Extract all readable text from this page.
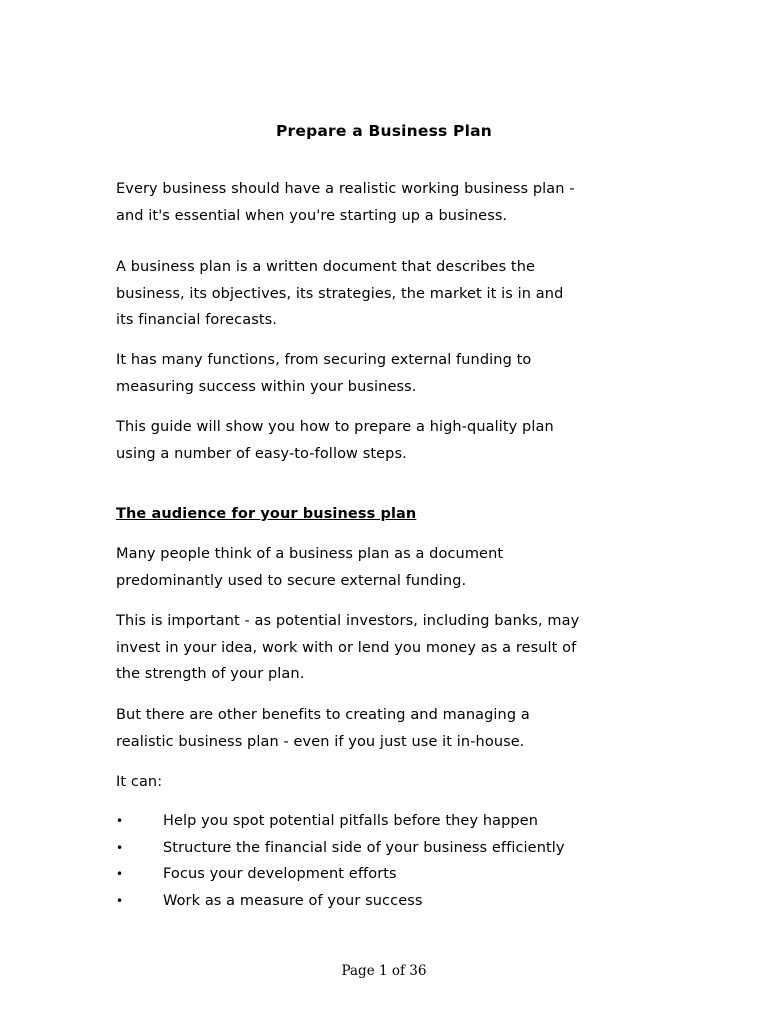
Prepare a Business Plan

Every business should have a realistic working business plan -
and it's essential when you're starting up a business.

A business plan is a written document that describes the
business, its objectives, its strategies, the market it is in and
its financial forecasts.

It has many functions, from securing external funding to
measuring success within your business.

This guide will show you how to prepare a high-quality plan
using a number of easy-to-follow steps.

The audience for your business plan

Many people think of a business plan as a document
predominantly used to secure external funding.

This is important - as potential investors, including banks, may
invest in your idea, work with or lend you money as a result of
the strength of your plan.

But there are other benefits to creating and managing a
realistic business plan - even if you just use it in-house.

It can:

•	Help you spot potential pitfalls before they happen
•	Structure the financial side of your business efficiently
•	Focus your development efforts
•	Work as a measure of your success
Page 1 of 36
